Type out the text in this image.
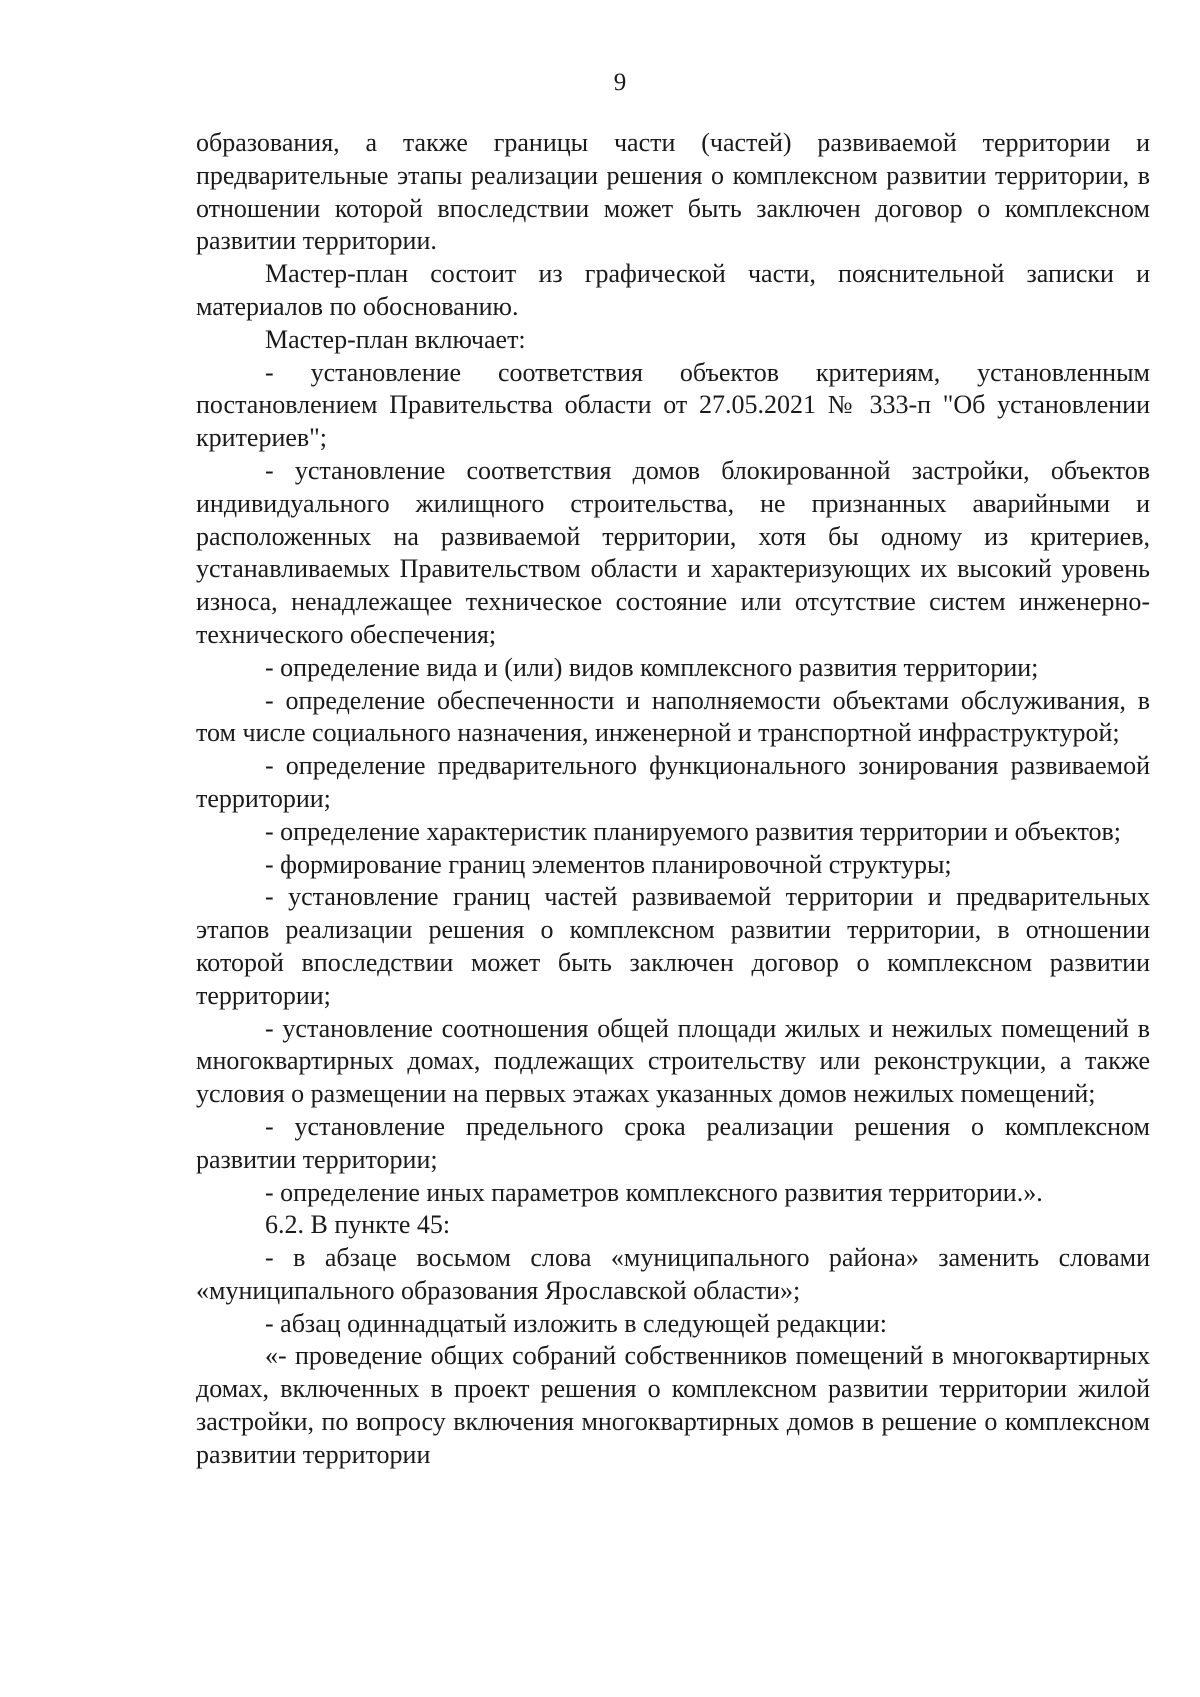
9

образования, а также границы части (частей) развиваемой территории и предварительные этапы реализации решения о комплексном развитии территории, в отношении которой впоследствии может быть заключен договор о комплексном развитии территории.

Мастер-план состоит из графической части, пояснительной записки и материалов по обоснованию.

Мастер-план включает:

- установление соответствия объектов критериям, установленным постановлением Правительства области от 27.05.2021 № 333-п "Об установлении критериев";

- установление соответствия домов блокированной застройки, объектов индивидуального жилищного строительства, не признанных аварийными и расположенных на развиваемой территории, хотя бы одному из критериев, устанавливаемых Правительством области и характеризующих их высокий уровень износа, ненадлежащее техническое состояние или отсутствие систем инженерно-технического обеспечения;

- определение вида и (или) видов комплексного развития территории;

- определение обеспеченности и наполняемости объектами обслуживания, в том числе социального назначения, инженерной и транспортной инфраструктурой;

- определение предварительного функционального зонирования развиваемой территории;

- определение характеристик планируемого развития территории и объектов;

- формирование границ элементов планировочной структуры;

- установление границ частей развиваемой территории и предварительных этапов реализации решения о комплексном развитии территории, в отношении которой впоследствии может быть заключен договор о комплексном развитии территории;

- установление соотношения общей площади жилых и нежилых помещений в многоквартирных домах, подлежащих строительству или реконструкции, а также условия о размещении на первых этажах указанных домов нежилых помещений;

- установление предельного срока реализации решения о комплексном развитии территории;

- определение иных параметров комплексного развития территории.».

6.2. В пункте 45:

- в абзаце восьмом слова «муниципального района» заменить словами «муниципального образования Ярославской области»;

- абзац одиннадцатый изложить в следующей редакции:

«- проведение общих собраний собственников помещений в многоквартирных домах, включенных в проект решения о комплексном развитии территории жилой застройки, по вопросу включения многоквартирных домов в решение о комплексном развитии территории
